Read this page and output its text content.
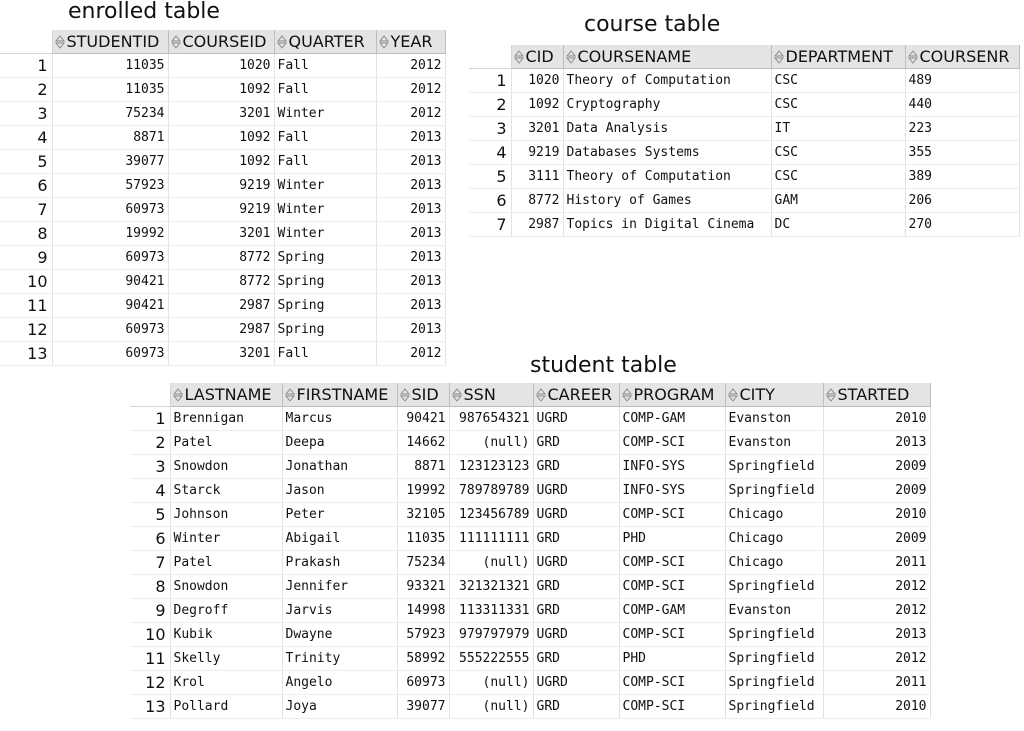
enrolled table
course table
student table
	STUDENTID	COURSEID	QUARTER	YEAR
1	11035	1020	Fall	2012
2	11035	1092	Fall	2012
3	75234	3201	Winter	2012
4	8871	1092	Fall	2013
5	39077	1092	Fall	2013
6	57923	9219	Winter	2013
7	60973	9219	Winter	2013
8	19992	3201	Winter	2013
9	60973	8772	Spring	2013
10	90421	8772	Spring	2013
11	90421	2987	Spring	2013
12	60973	2987	Spring	2013
13	60973	3201	Fall	2012
	CID	COURSENAME	DEPARTMENT	COURSENR
1	1020	Theory of Computation	CSC	489
2	1092	Cryptography	CSC	440
3	3201	Data Analysis	IT	223
4	9219	Databases Systems	CSC	355
5	3111	Theory of Computation	CSC	389
6	8772	History of Games	GAM	206
7	2987	Topics in Digital Cinema	DC	270
	LASTNAME	FIRSTNAME	SID	SSN	CAREER	PROGRAM	CITY	STARTED
1	Brennigan	Marcus	90421	987654321	UGRD	COMP-GAM	Evanston	2010
2	Patel	Deepa	14662	(null)	GRD	COMP-SCI	Evanston	2013
3	Snowdon	Jonathan	8871	123123123	GRD	INFO-SYS	Springfield	2009
4	Starck	Jason	19992	789789789	UGRD	INFO-SYS	Springfield	2009
5	Johnson	Peter	32105	123456789	UGRD	COMP-SCI	Chicago	2010
6	Winter	Abigail	11035	111111111	GRD	PHD	Chicago	2009
7	Patel	Prakash	75234	(null)	UGRD	COMP-SCI	Chicago	2011
8	Snowdon	Jennifer	93321	321321321	GRD	COMP-SCI	Springfield	2012
9	Degroff	Jarvis	14998	113311331	GRD	COMP-GAM	Evanston	2012
10	Kubik	Dwayne	57923	979797979	UGRD	COMP-SCI	Springfield	2013
11	Skelly	Trinity	58992	555222555	GRD	PHD	Springfield	2012
12	Krol	Angelo	60973	(null)	UGRD	COMP-SCI	Springfield	2011
13	Pollard	Joya	39077	(null)	GRD	COMP-SCI	Springfield	2010
